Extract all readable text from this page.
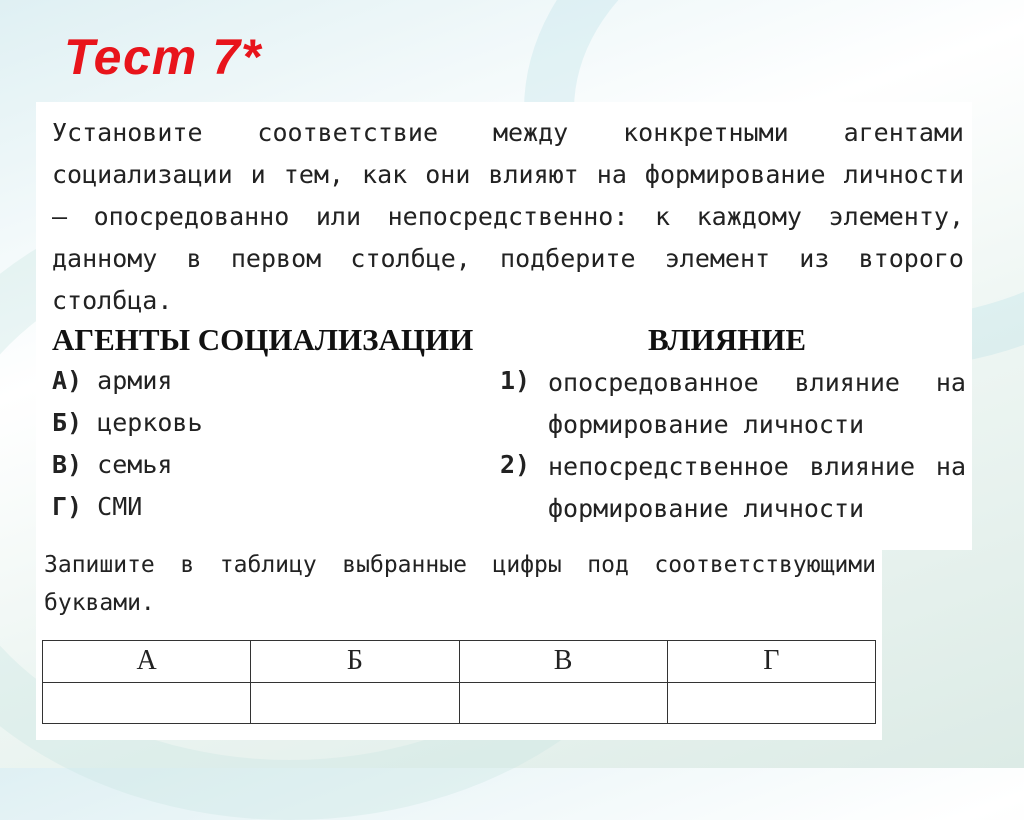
Тест 7*
Установите соответствие между конкретными агентами социализации и тем, как они влияют на формирование личности — опосредованно или непосредственно: к каждому элементу, данному в первом столбце, подберите элемент из второго столбца.
АГЕНТЫ СОЦИАЛИЗАЦИИ	ВЛИЯНИЕ
А) армия
Б) церковь
В) семья
Г) СМИ
1) опосредованное влияние на формирование личности
2) непосредственное влияние на формирование личности
Запишите в таблицу выбранные цифры под соответствующими буквами.
А	Б	В	Г
